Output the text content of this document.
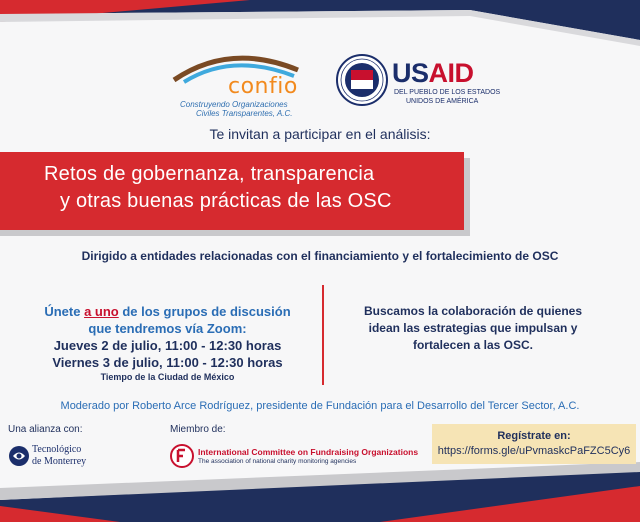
confio
Construyendo Organizaciones
Civiles Transparentes, A.C.
USAID
DEL PUEBLO DE LOS ESTADOS
UNIDOS DE AMÉRICA
Te invitan a participar en el análisis:
Retos de gobernanza, transparencia
y otras buenas prácticas de las OSC
Dirigido a entidades relacionadas con el financiamiento y el fortalecimiento de OSC
Únete a uno de los grupos de discusión
que tendremos vía Zoom:
Jueves 2 de julio, 11:00 - 12:30 horas
Viernes 3 de julio, 11:00 - 12:30 horas
Tiempo de la Ciudad de México
Buscamos la colaboración de quienes
idean las estrategias que impulsan y
fortalecen a las OSC.
Moderado por Roberto Arce Rodríguez, presidente de Fundación para el Desarrollo del Tercer Sector, A.C.
Una alianza con:	Miembro de:
Tecnológico
de Monterrey
International Committee on Fundraising Organizations
The association of national charity monitoring agencies
Regístrate en:
https://forms.gle/uPvmaskcPaFZC5Cy6
